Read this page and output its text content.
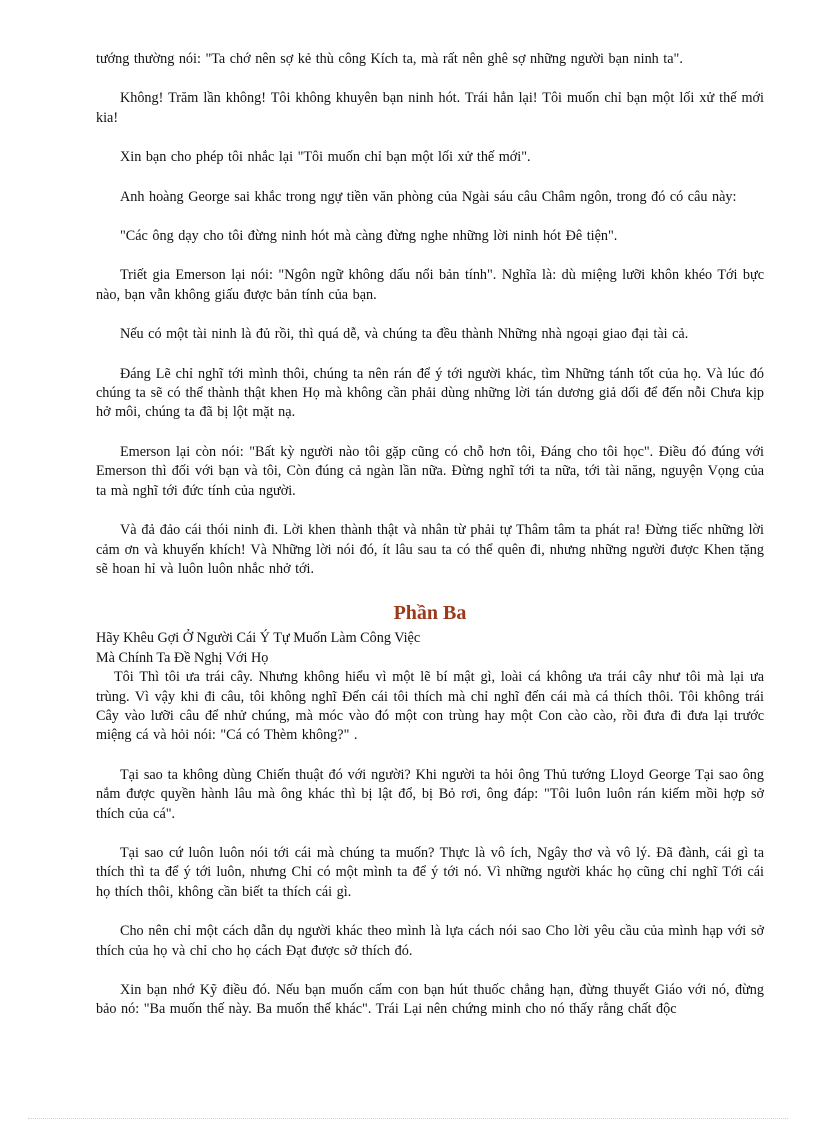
tướng thường nói: "Ta chớ nên sợ kẻ thù công Kích ta, mà rất nên ghê sợ những người bạn ninh ta".

Không! Trăm lần không! Tôi không khuyên bạn ninh hót. Trái hẳn lại! Tôi muốn chỉ bạn một lối xử thế mới kia!

Xin bạn cho phép tôi nhắc lại "Tôi muốn chỉ bạn một lối xử thế mới".

Anh hoàng George sai khắc trong ngự tiền văn phòng của Ngài sáu câu Châm ngôn, trong đó có câu này:

"Các ông dạy cho tôi đừng ninh hót mà càng đừng nghe những lời ninh hót Đê tiện".

Triết gia Emerson lại nói: "Ngôn ngữ không dấu nổi bản tính". Nghĩa là: dù miệng lưỡi khôn khéo Tới bực nào, bạn vẫn không giấu được bản tính của bạn.

Nếu có một tài ninh là đủ rồi, thì quá dễ, và chúng ta đều thành Những nhà ngoại giao đại tài cả.

Đáng Lẽ chỉ nghĩ tới mình thôi, chúng ta nên rán để ý tới người khác, tìm Những tánh tốt của họ. Và lúc đó chúng ta sẽ có thể thành thật khen Họ mà không cần phải dùng những lời tán dương giả dối để đến nỗi Chưa kịp hở môi, chúng ta đã bị lột mặt nạ.

Emerson lại còn nói: "Bất kỳ người nào tôi gặp cũng có chỗ hơn tôi, Đáng cho tôi học". Điều đó đúng với Emerson thì đối với bạn và tôi, Còn đúng cả ngàn lần nữa. Đừng nghĩ tới ta nữa, tới tài năng, nguyện Vọng của ta mà nghĩ tới đức tính của người.

Và đả đảo cái thói ninh đi. Lời khen thành thật và nhân từ phải tự Thâm tâm ta phát ra! Đừng tiếc những lời cảm ơn và khuyến khích! Và Những lời nói đó, ít lâu sau ta có thể quên đi, nhưng những người được Khen tặng sẽ hoan hỉ và luôn luôn nhắc nhở tới.

Phần Ba

Hãy Khêu Gợi Ở Người Cái Ý Tự Muốn Làm Công Việc

Mà Chính Ta Đề Nghị Với Họ

Tôi Thì tôi ưa trái cây. Nhưng không hiểu vì một lẽ bí mật gì, loài cá không ưa trái cây như tôi mà lại ưa trùng. Vì vậy khi đi câu, tôi không nghĩ Đến cái tôi thích mà chỉ nghĩ đến cái mà cá thích thôi. Tôi không trái Cây vào lưỡi câu để nhử chúng, mà móc vào đó một con trùng hay một Con cào cào, rồi đưa đi đưa lại trước miệng cá và hỏi nói: "Cá có Thèm không?" .

Tại sao ta không dùng Chiến thuật đó với người? Khi người ta hỏi ông Thủ tướng Lloyd George Tại sao ông nắm được quyền hành lâu mà ông khác thì bị lật đổ, bị Bỏ rơi, ông đáp: "Tôi luôn luôn rán kiếm mồi hợp sở thích của cá".

Tại sao cứ luôn luôn nói tới cái mà chúng ta muốn? Thực là vô ích, Ngây thơ và vô lý. Đã đành, cái gì ta thích thì ta để ý tới luôn, nhưng Chỉ có một mình ta để ý tới nó. Vì những người khác họ cũng chỉ nghĩ Tới cái họ thích thôi, không cần biết ta thích cái gì.

Cho nên chỉ một cách dẫn dụ người khác theo mình là lựa cách nói sao Cho lời yêu cầu của mình hạp với sở thích của họ và chỉ cho họ cách Đạt được sở thích đó.

Xin bạn nhớ Kỹ điều đó. Nếu bạn muốn cấm con bạn hút thuốc chẳng hạn, đừng thuyết Giáo với nó, đừng bảo nó: "Ba muốn thế này. Ba muốn thế khác". Trái Lại nên chứng minh cho nó thấy rằng chất độc
